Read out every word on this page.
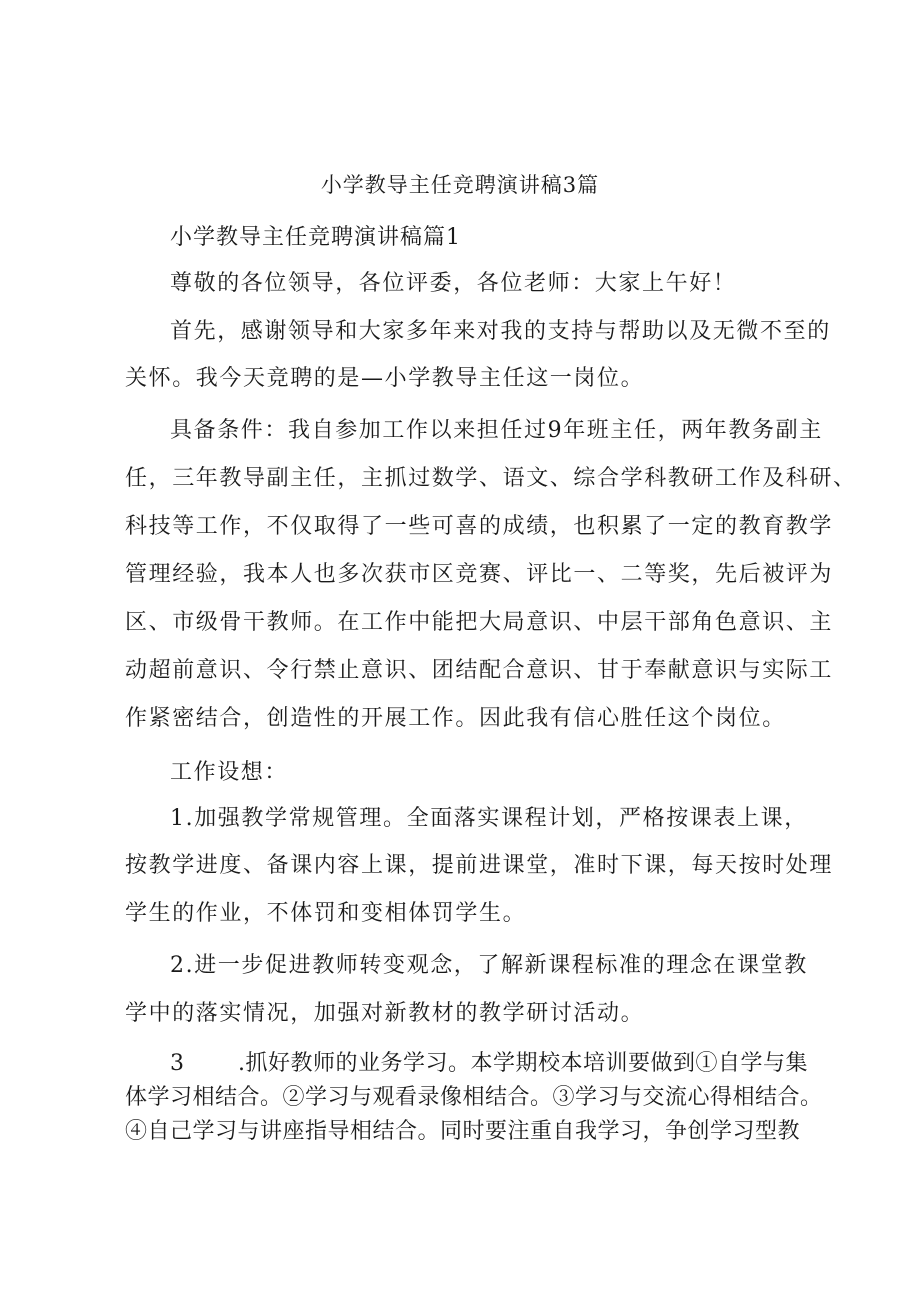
小学教导主任竞聘演讲稿3篇
小学教导主任竞聘演讲稿篇1
尊敬的各位领导，各位评委，各位老师：大家上午好！
首先，感谢领导和大家多年来对我的支持与帮助以及无微不至的
关怀。我今天竞聘的是—小学教导主任这一岗位。
具备条件：我自参加工作以来担任过9年班主任，两年教务副主
任，三年教导副主任，主抓过数学、语文、综合学科教研工作及科研、
科技等工作，不仅取得了一些可喜的成绩，也积累了一定的教育教学
管理经验，我本人也多次获市区竞赛、评比一、二等奖，先后被评为
区、市级骨干教师。在工作中能把大局意识、中层干部角色意识、主
动超前意识、令行禁止意识、团结配合意识、甘于奉献意识与实际工
作紧密结合，创造性的开展工作。因此我有信心胜任这个岗位。
工作设想：
1.加强教学常规管理。全面落实课程计划，严格按课表上课，
按教学进度、备课内容上课，提前进课堂，准时下课，每天按时处理
学生的作业，不体罚和变相体罚学生。
2.进一步促进教师转变观念，了解新课程标准的理念在课堂教
学中的落实情况，加强对新教材的教学研讨活动。
3 .抓好教师的业务学习。本学期校本培训要做到①自学与集
体学习相结合。②学习与观看录像相结合。③学习与交流心得相结合。
④自己学习与讲座指导相结合。同时要注重自我学习，争创学习型教
